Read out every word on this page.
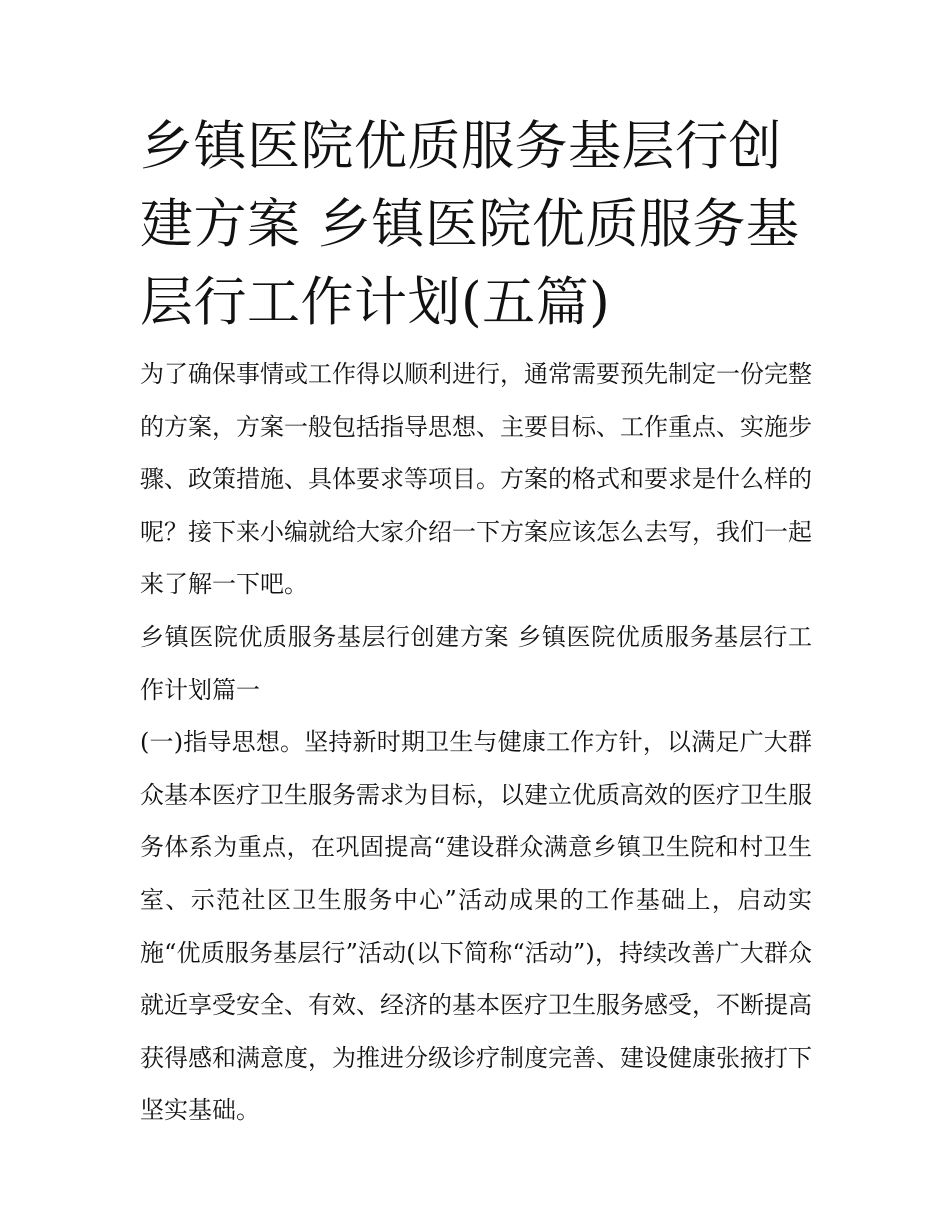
乡镇医院优质服务基层行创建方案 乡镇医院优质服务基层行工作计划(五篇)

为了确保事情或工作得以顺利进行，通常需要预先制定一份完整的方案，方案一般包括指导思想、主要目标、工作重点、实施步骤、政策措施、具体要求等项目。方案的格式和要求是什么样的呢？接下来小编就给大家介绍一下方案应该怎么去写，我们一起来了解一下吧。

乡镇医院优质服务基层行创建方案 乡镇医院优质服务基层行工作计划篇一

(一)指导思想。坚持新时期卫生与健康工作方针，以满足广大群众基本医疗卫生服务需求为目标，以建立优质高效的医疗卫生服务体系为重点，在巩固提高“建设群众满意乡镇卫生院和村卫生室、示范社区卫生服务中心”活动成果的工作基础上，启动实施“优质服务基层行”活动(以下简称“活动”)，持续改善广大群众就近享受安全、有效、经济的基本医疗卫生服务感受，不断提高获得感和满意度，为推进分级诊疗制度完善、建设健康张掖打下坚实基础。
